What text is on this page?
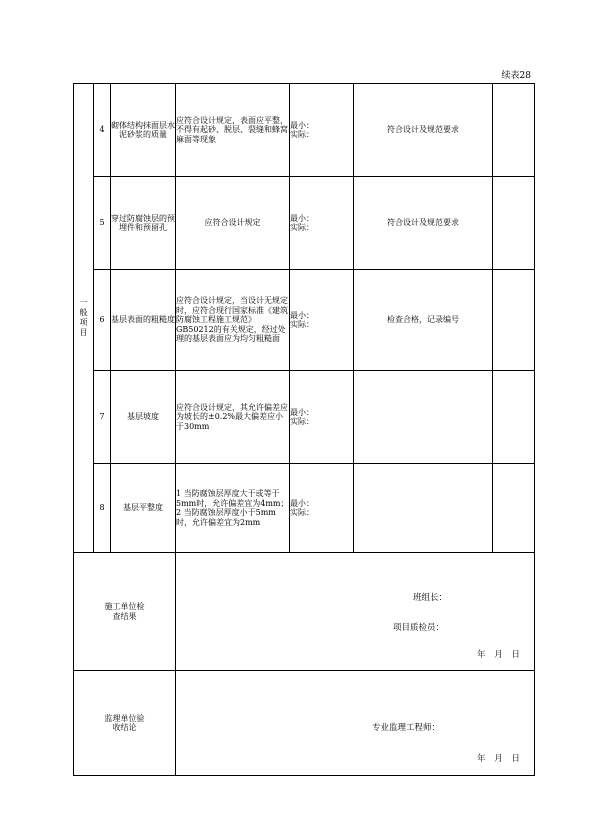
续表28
一般项目	4	砌体结构抹面层水泥砂浆的质量	应符合设计规定，表面应平整，不得有起砂、脱层、裂缝和蜂窝麻面等现象	最小：
实际：	符合设计及规范要求	
	5	穿过防腐蚀层的预埋件和预留孔	应符合设计规定	最小：
实际：	符合设计及规范要求	
	6	基层表面的粗糙度	应符合设计规定，当设计无规定时，应符合现行国家标准《建筑防腐蚀工程施工规范》GB50212的有关规定，经过处理的基层表面应为均匀粗糙面	最小：
实际：	检查合格，记录编号	
	7	基层坡度	应符合设计规定，其允许偏差应为坡长的±0.2%最大偏差应小于30mm	最小：
实际：		

	8	基层平整度	1 当防腐蚀层厚度大于或等于5mm时，允许偏差宜为4mm；2 当防腐蚀层厚度小于5mm时，允许偏差宜为2mm	最小：
实际：		

施工单位检查结果			班组长：
项目质检员：
年 月 日			

监理单位验收结论			专业监理工程师：
年 月 日			
